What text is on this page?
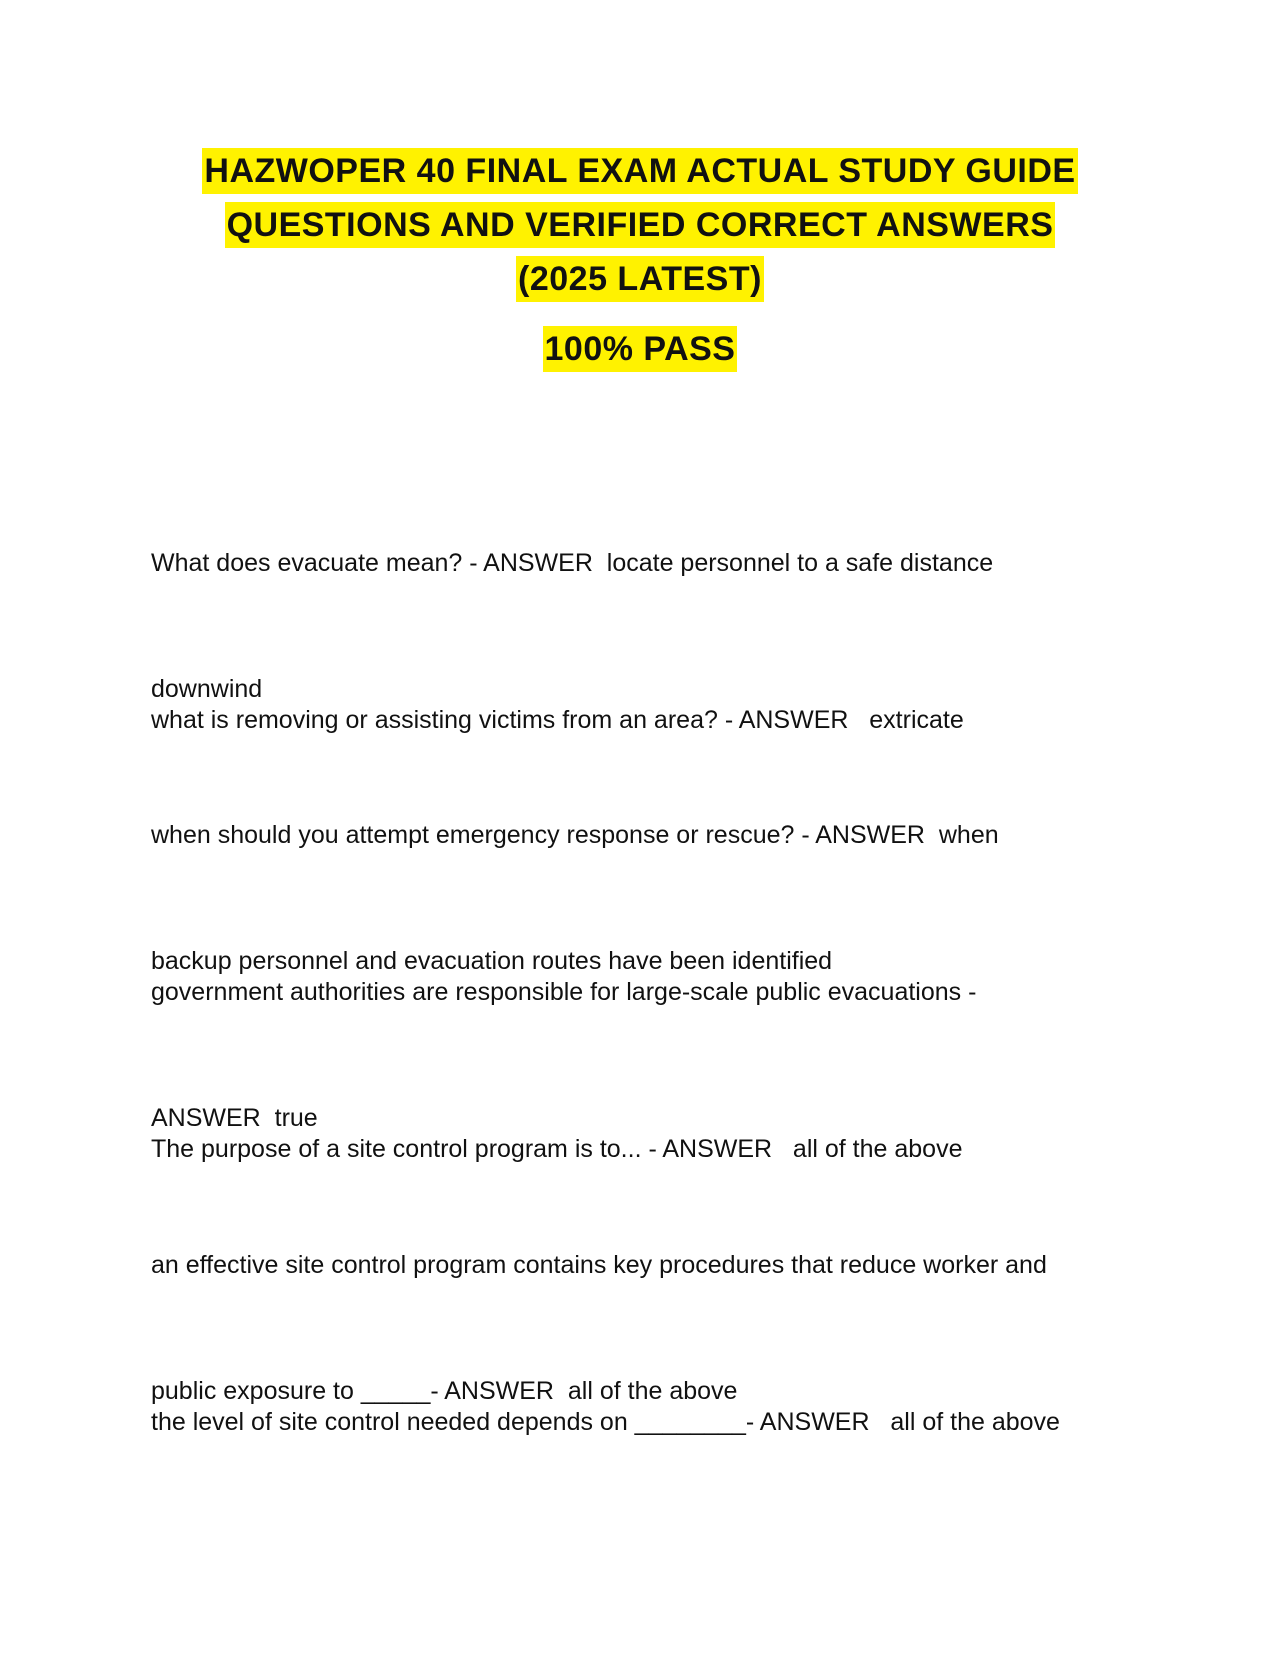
HAZWOPER 40 FINAL EXAM ACTUAL STUDY GUIDE
QUESTIONS AND VERIFIED CORRECT ANSWERS
(2025 LATEST)
100% PASS

What does evacuate mean? - ANSWER  locate personnel to a safe distance

downwind

what is removing or assisting victims from an area? - ANSWER   extricate

when should you attempt emergency response or rescue? - ANSWER  when

backup personnel and evacuation routes have been identified

government authorities are responsible for large-scale public evacuations -

ANSWER  true

The purpose of a site control program is to... - ANSWER   all of the above

an effective site control program contains key procedures that reduce worker and

public exposure to _____- ANSWER  all of the above

the level of site control needed depends on ________- ANSWER   all of the above
